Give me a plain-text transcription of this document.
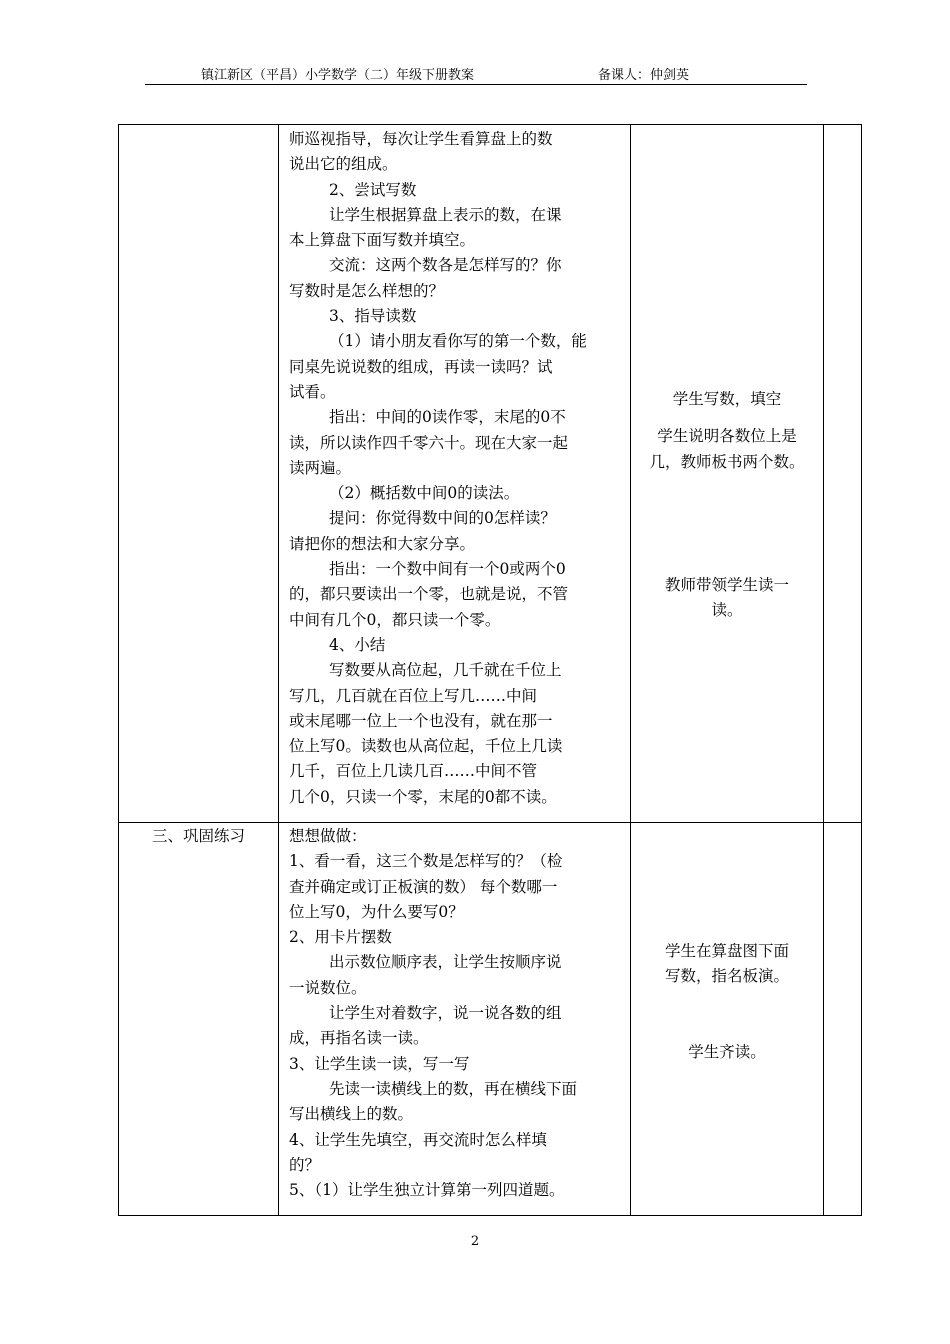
镇江新区（平昌）小学数学（二）年级下册教案	备课人：仲剑英

师巡视指导，每次让学生看算盘上的数

说出它的组成。

2、尝试写数

让学生根据算盘上表示的数，在课

本上算盘下面写数并填空。

交流：这两个数各是怎样写的？你

写数时是怎么样想的？

3、指导读数

（1）请小朋友看你写的第一个数，能

同桌先说说数的组成，再读一读吗？试

试看。

指出：中间的0读作零，末尾的0不

读，所以读作四千零六十。现在大家一起

读两遍。

（2）概括数中间0的读法。

提问：你觉得数中间的0怎样读？

请把你的想法和大家分享。

指出：一个数中间有一个0或两个0

的，都只要读出一个零，也就是说，不管

中间有几个0，都只读一个零。

4、小结

写数要从高位起，几千就在千位上

写几，几百就在百位上写几……中间

或末尾哪一位上一个也没有，就在那一

位上写0。读数也从高位起，千位上几读

几千，百位上几读几百……中间不管

几个0，只读一个零，末尾的0都不读。

学生写数，填空

学生说明各数位上是

几，教师板书两个数。

教师带领学生读一

读。

三、巩固练习	想想做做：

1、看一看，这三个数是怎样写的？（检

查并确定或订正板演的数） 每个数哪一

位上写0，为什么要写0？

2、用卡片摆数

出示数位顺序表，让学生按顺序说

一说数位。

让学生对着数字，说一说各数的组

成，再指名读一读。

3、让学生读一读，写一写

先读一读横线上的数，再在横线下面

写出横线上的数。

4、让学生先填空，再交流时怎么样填

的？

5、（1）让学生独立计算第一列四道题。

学生在算盘图下面

写数，指名板演。

学生齐读。

2
